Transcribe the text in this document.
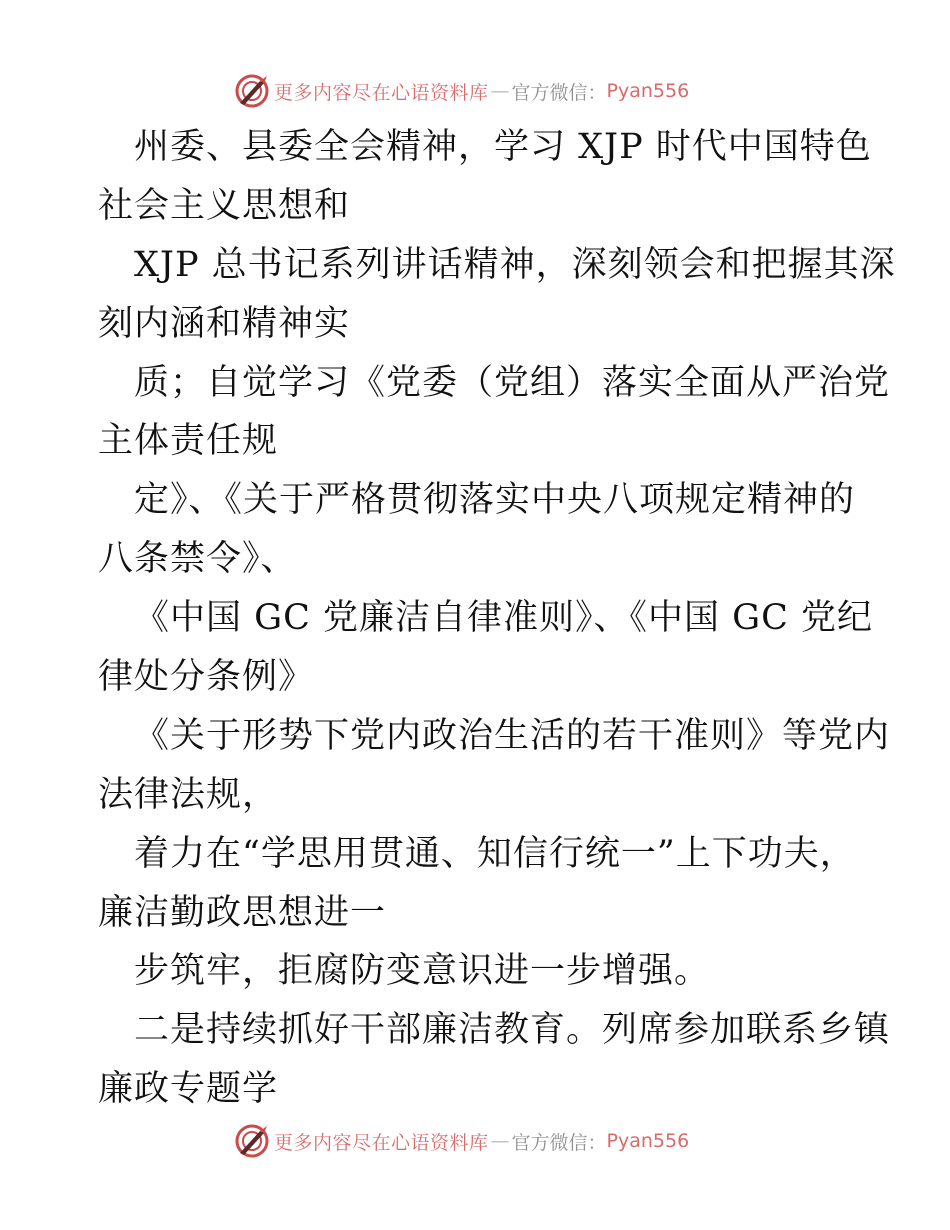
更多内容尽在心语资料库 — 官方微信： Pyan556
州委、县委全会精神，学习 XJP 时代中国特色
社会主义思想和
XJP 总书记系列讲话精神，深刻领会和把握其深
刻内涵和精神实
质；自觉学习《党委（党组）落实全面从严治党
主体责任规
定》、《关于严格贯彻落实中央八项规定精神的
八条禁令》、
《中国 GC 党廉洁自律准则》、《中国 GC 党纪
律处分条例》
《关于形势下党内政治生活的若干准则》等党内
法律法规，
着力在“学思用贯通、知信行统一”上下功夫，
廉洁勤政思想进一
步筑牢，拒腐防变意识进一步增强。
二是持续抓好干部廉洁教育。列席参加联系乡镇
廉政专题学
更多内容尽在心语资料库 — 官方微信： Pyan556
